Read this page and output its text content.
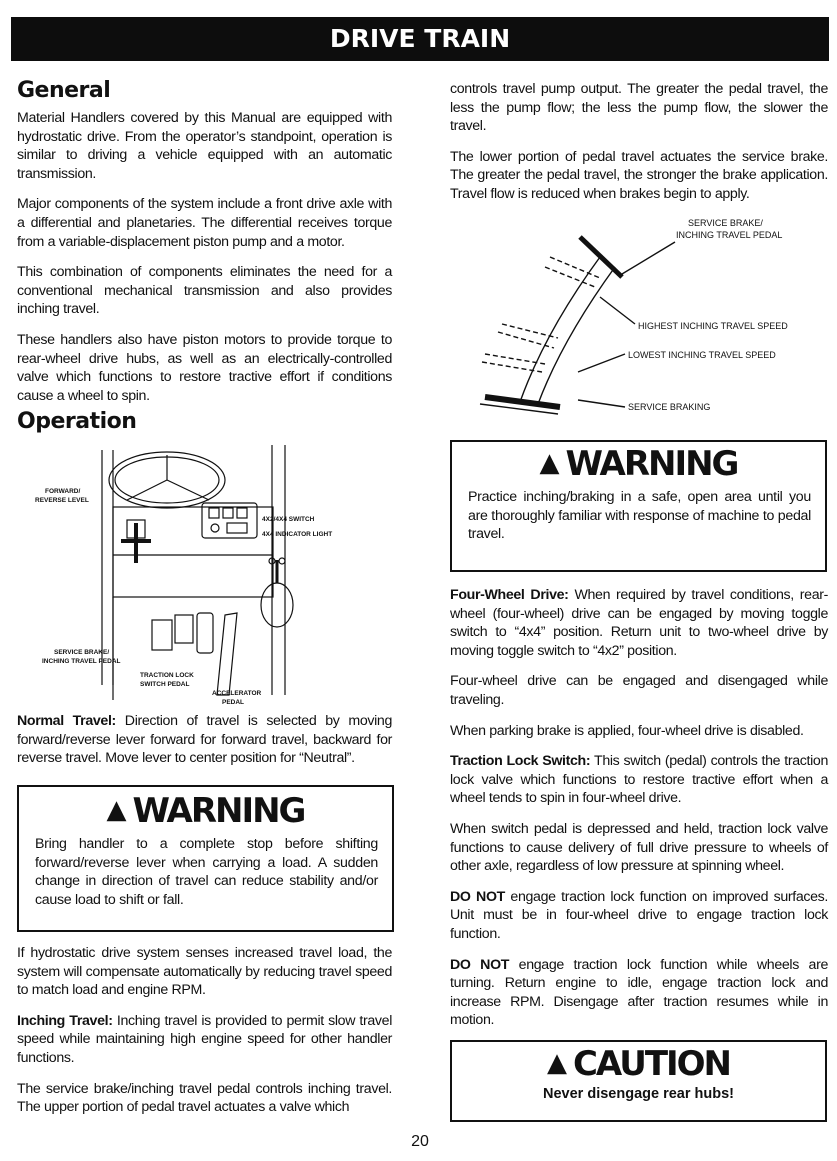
DRIVE TRAIN
General

Material Handlers covered by this Manual are equipped with hydrostatic drive. From the operator’s standpoint, operation is similar to driving a vehicle equipped with an automatic transmission.

Major components of the system include a front drive axle with a differential and planetaries. The differential receives torque from a variable-displacement piston pump and a motor.

This combination of components eliminates the need for a conventional mechanical transmission and also provides inching travel.

These handlers also have piston motors to provide torque to rear-wheel drive hubs, as well as an electrically-controlled valve which functions to restore tractive effort if conditions cause a wheel to spin.

Operation
FORWARD/
REVERSE LEVEL
4X2/4X4 SWITCH
4X4 INDICATOR LIGHT
SERVICE BRAKE/
INCHING TRAVEL PEDAL
TRACTION LOCK
SWITCH PEDAL
ACCELERATOR
PEDAL

Normal Travel: Direction of travel is selected by moving forward/reverse lever forward for forward travel, backward for reverse travel. Move lever to center position for “Neutral”.

▲ WARNING
Bring handler to a complete stop before shifting forward/reverse lever when carrying a load. A sudden change in direction of travel can reduce stability and/or cause load to shift or fall.

If hydrostatic drive system senses increased travel load, the system will compensate automatically by reducing travel speed to match load and engine RPM.

Inching Travel: Inching travel is provided to permit slow travel speed while maintaining high engine speed for other handler functions.

The service brake/inching travel pedal controls inching travel. The upper portion of pedal travel actuates a valve which

controls travel pump output. The greater the pedal travel, the less the pump flow; the less the pump flow, the slower the travel.

The lower portion of pedal travel actuates the service brake. The greater the pedal travel, the stronger the brake application. Travel flow is reduced when brakes begin to apply.

SERVICE BRAKE/
INCHING TRAVEL PEDAL
HIGHEST INCHING TRAVEL SPEED
LOWEST INCHING TRAVEL SPEED
SERVICE BRAKING
▲ WARNING
Practice inching/braking in a safe, open area until you are thoroughly familiar with response of machine to pedal travel.

Four-Wheel Drive: When required by travel conditions, rear-wheel (four-wheel) drive can be engaged by moving toggle switch to “4x4” position. Return unit to two-wheel drive by moving toggle switch to “4x2” position.

Four-wheel drive can be engaged and disengaged while traveling.

When parking brake is applied, four-wheel drive is disabled.

Traction Lock Switch: This switch (pedal) controls the traction lock valve which functions to restore tractive effort when a wheel tends to spin in four-wheel drive.

When switch pedal is depressed and held, traction lock valve functions to cause delivery of full drive pressure to wheels of other axle, regardless of low pressure at spinning wheel.

DO NOT engage traction lock function on improved surfaces. Unit must be in four-wheel drive to engage traction lock function.

DO NOT engage traction lock function while wheels are turning. Return engine to idle, engage traction lock and increase RPM. Disengage after traction resumes while in motion.

▲ CAUTION
Never disengage rear hubs!
20
